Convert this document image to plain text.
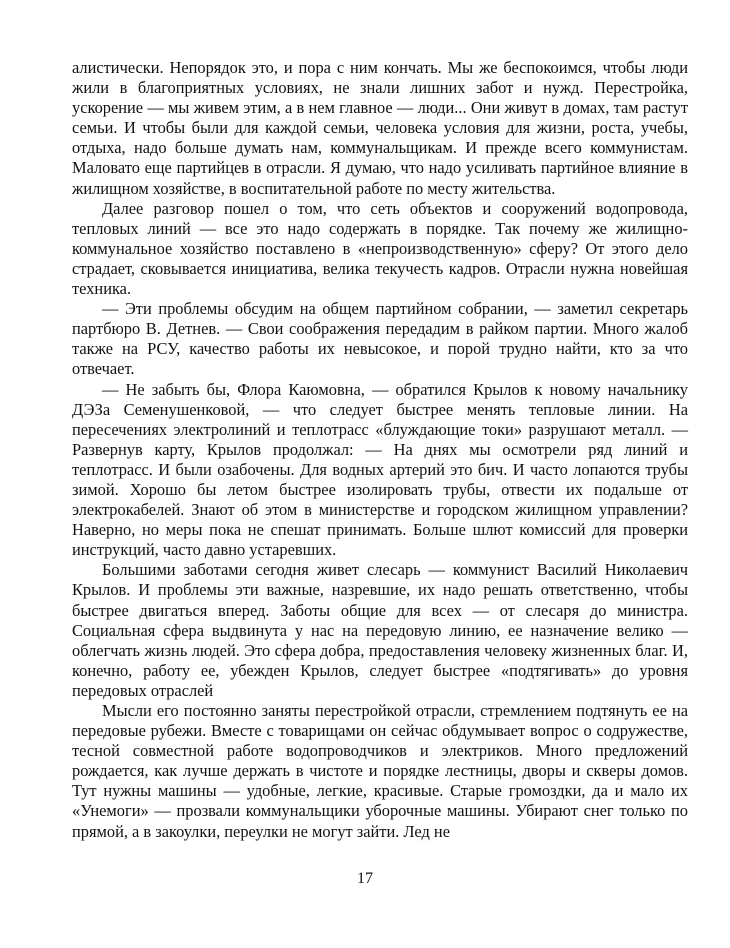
алистически. Непорядок это, и пора с ним кончать. Мы же беспокоимся, чтобы люди жили в благоприятных условиях, не знали лишних забот и нужд. Перестройка, ускорение — мы живем этим, а в нем главное — люди... Они живут в домах, там растут семьи. И чтобы были для каждой семьи, человека условия для жизни, роста, учебы, отдыха, надо больше думать нам, коммунальщикам. И прежде всего коммунистам. Маловато еще партийцев в отрасли. Я думаю, что надо усиливать партийное влияние в жилищном хозяйстве, в воспитательной работе по месту жительства.

Далее разговор пошел о том, что сеть объектов и сооружений водопровода, тепловых линий — все это надо содержать в порядке. Так почему же жилищно-коммунальное хозяйство поставлено в «непроизводственную» сферу? От этого дело страдает, сковывается инициатива, велика текучесть кадров. Отрасли нужна новейшая техника.

— Эти проблемы обсудим на общем партийном собрании, — заметил секретарь партбюро В. Детнев. — Свои соображения передадим в райком партии. Много жалоб также на РСУ, качество работы их невысокое, и порой трудно найти, кто за что отвечает.

— Не забыть бы, Флора Каюмовна, — обратился Крылов к новому начальнику ДЭЗа Семенушенковой, — что следует быстрее менять тепловые линии. На пересечениях электролиний и теплотрасс «блуждающие токи» разрушают металл. — Развернув карту, Крылов продолжал: — На днях мы осмотрели ряд линий и теплотрасс. И были озабочены. Для водных артерий это бич. И часто лопаются трубы зимой. Хорошо бы летом быстрее изолировать трубы, отвести их подальше от электрокабелей. Знают об этом в министерстве и городском жилищном управлении? Наверно, но меры пока не спешат принимать. Больше шлют комиссий для проверки инструкций, часто давно устаревших.

Большими заботами сегодня живет слесарь — коммунист Василий Николаевич Крылов. И проблемы эти важные, назревшие, их надо решать ответственно, чтобы быстрее двигаться вперед. Заботы общие для всех — от слесаря до министра. Социальная сфера выдвинута у нас на передовую линию, ее назначение велико — облегчать жизнь людей. Это сфера добра, предоставления человеку жизненных благ. И, конечно, работу ее, убежден Крылов, следует быстрее «подтягивать» до уровня передовых отраслей

Мысли его постоянно заняты перестройкой отрасли, стремлением подтянуть ее на передовые рубежи. Вместе с товарищами он сейчас обдумывает вопрос о содружестве, тесной совместной работе водопроводчиков и электриков. Много предложений рождается, как лучше держать в чистоте и порядке лестницы, дворы и скверы домов. Тут нужны машины — удобные, легкие, красивые. Старые громоздки, да и мало их «Унемоги» — прозвали коммунальщики уборочные машины. Убирают снег только по прямой, а в закоулки, переулки не могут зайти. Лед не

17
